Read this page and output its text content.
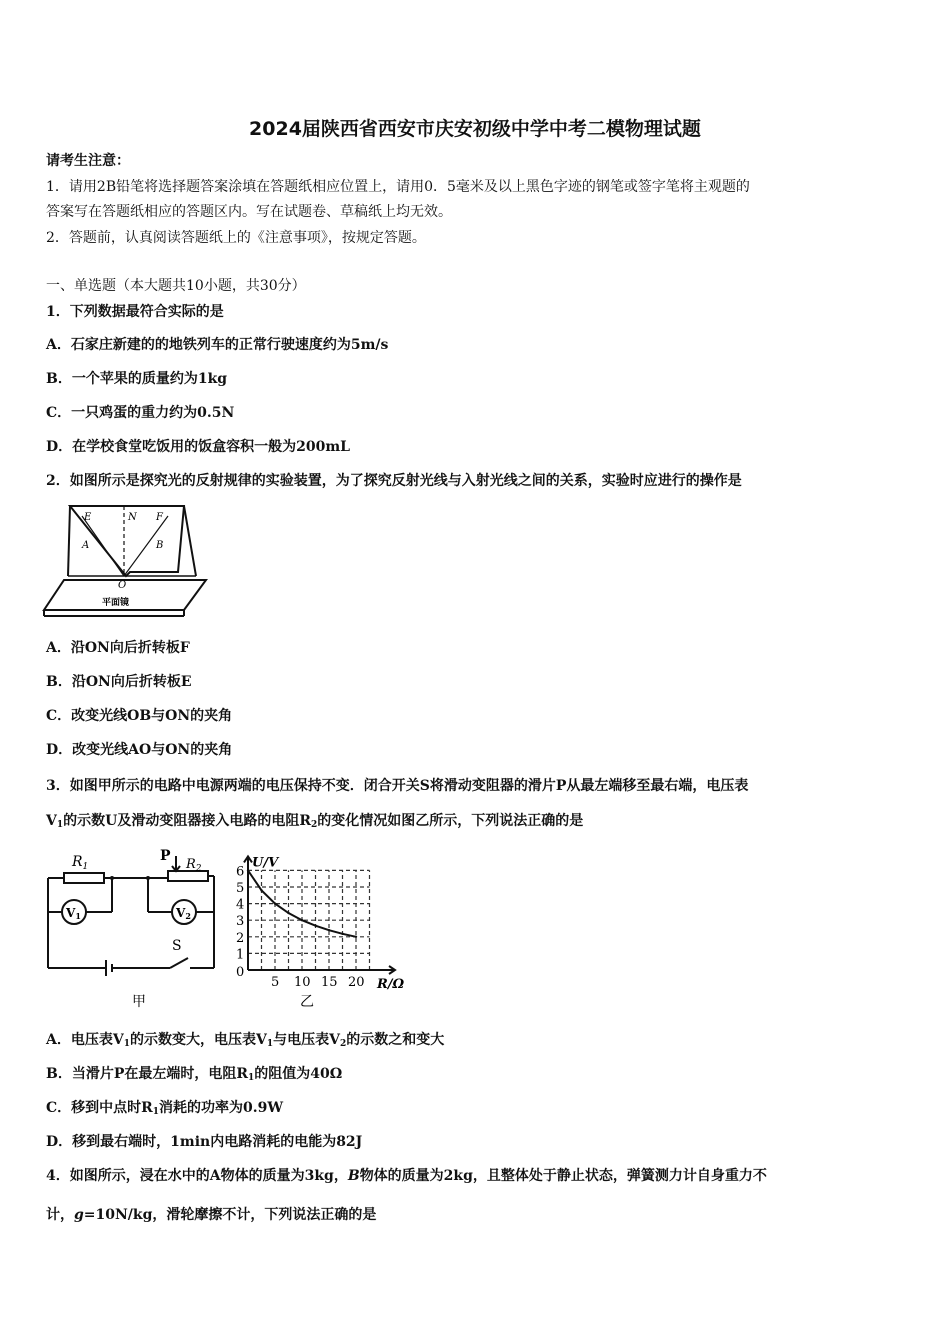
2024届陕西省西安市庆安初级中学中考二模物理试题
请考生注意：
1．请用2B铅笔将选择题答案涂填在答题纸相应位置上，请用0．5毫米及以上黑色字迹的钢笔或签字笔将主观题的
答案写在答题纸相应的答题区内。写在试题卷、草稿纸上均无效。
2．答题前，认真阅读答题纸上的《注意事项》，按规定答题。
一、单选题（本大题共10小题，共30分）
1．下列数据最符合实际的是
A．石家庄新建的的地铁列车的正常行驶速度约为5m/s
B．一个苹果的质量约为1kg
C．一只鸡蛋的重力约为0.5N
D．在学校食堂吃饭用的饭盒容积一般为200mL
2．如图所示是探究光的反射规律的实验装置，为了探究反射光线与入射光线之间的关系，实验时应进行的操作是
E	N F
A	B
O
平面镜
A．沿ON向后折转板F
B．沿ON向后折转板E
C．改变光线OB与ON的夹角
D．改变光线AO与ON的夹角
3．如图甲所示的电路中电源两端的电压保持不变．闭合开关S将滑动变阻器的滑片P从最左端移至最右端，电压表
$V_1$的示数U及滑动变阻器接入电路的电阻$R_2$的变化情况如图乙所示，下列说法正确的是
$R_1$	$R_2$
P
V1	V2
S
甲
1
2
3
4
5
6
5 10 15 20
0
U/V
R/Ω
乙
A．电压表$V_1$的示数变大，电压表$V_1$与电压表$V_2$的示数之和变大
B．当滑片P在最左端时，电阻$R_1$的阻值为40Ω
C．移到中点时$R_1$消耗的功率为0.9W
D．移到最右端时，1min内电路消耗的电能为82J
4．如图所示，浸在水中的A物体的质量为3kg，B物体的质量为2kg，且整体处于静止状态，弹簧测力计自身重力不
计，g=10N/kg，滑轮摩擦不计，下列说法正确的是
